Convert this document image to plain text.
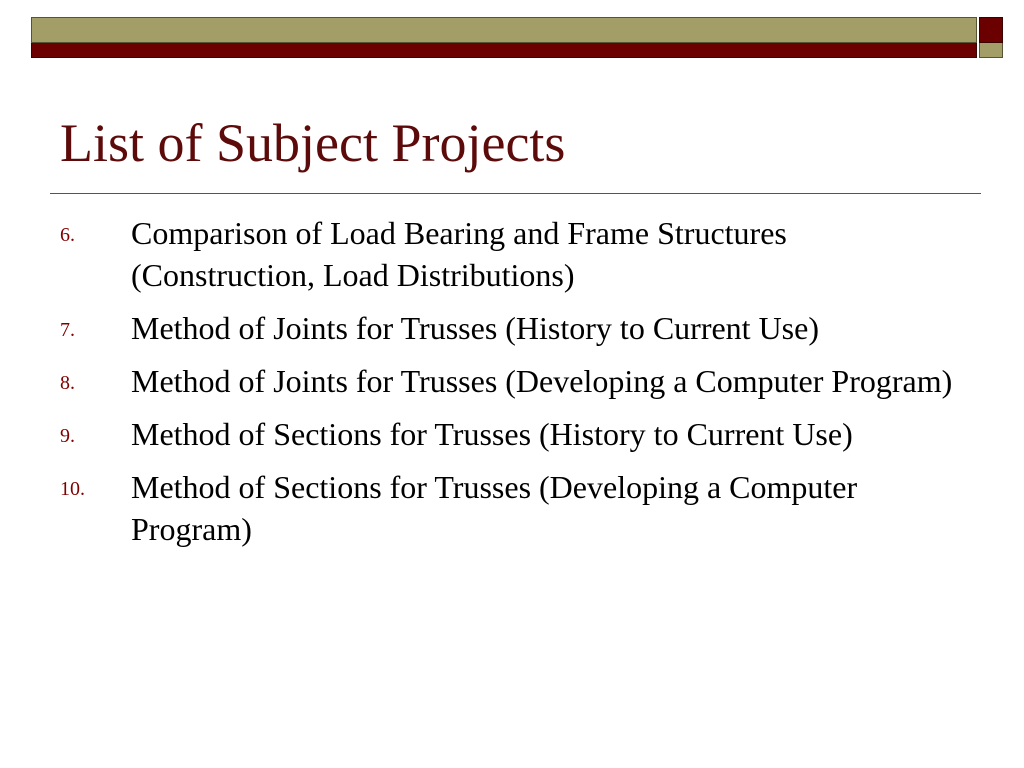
List of Subject Projects
6. Comparison of Load Bearing and Frame Structures (Construction, Load Distributions)
7. Method of Joints for Trusses (History to Current Use)
8. Method of Joints for Trusses (Developing a Computer Program)
9. Method of Sections for Trusses (History to Current Use)
10. Method of Sections for Trusses (Developing a Computer Program)
